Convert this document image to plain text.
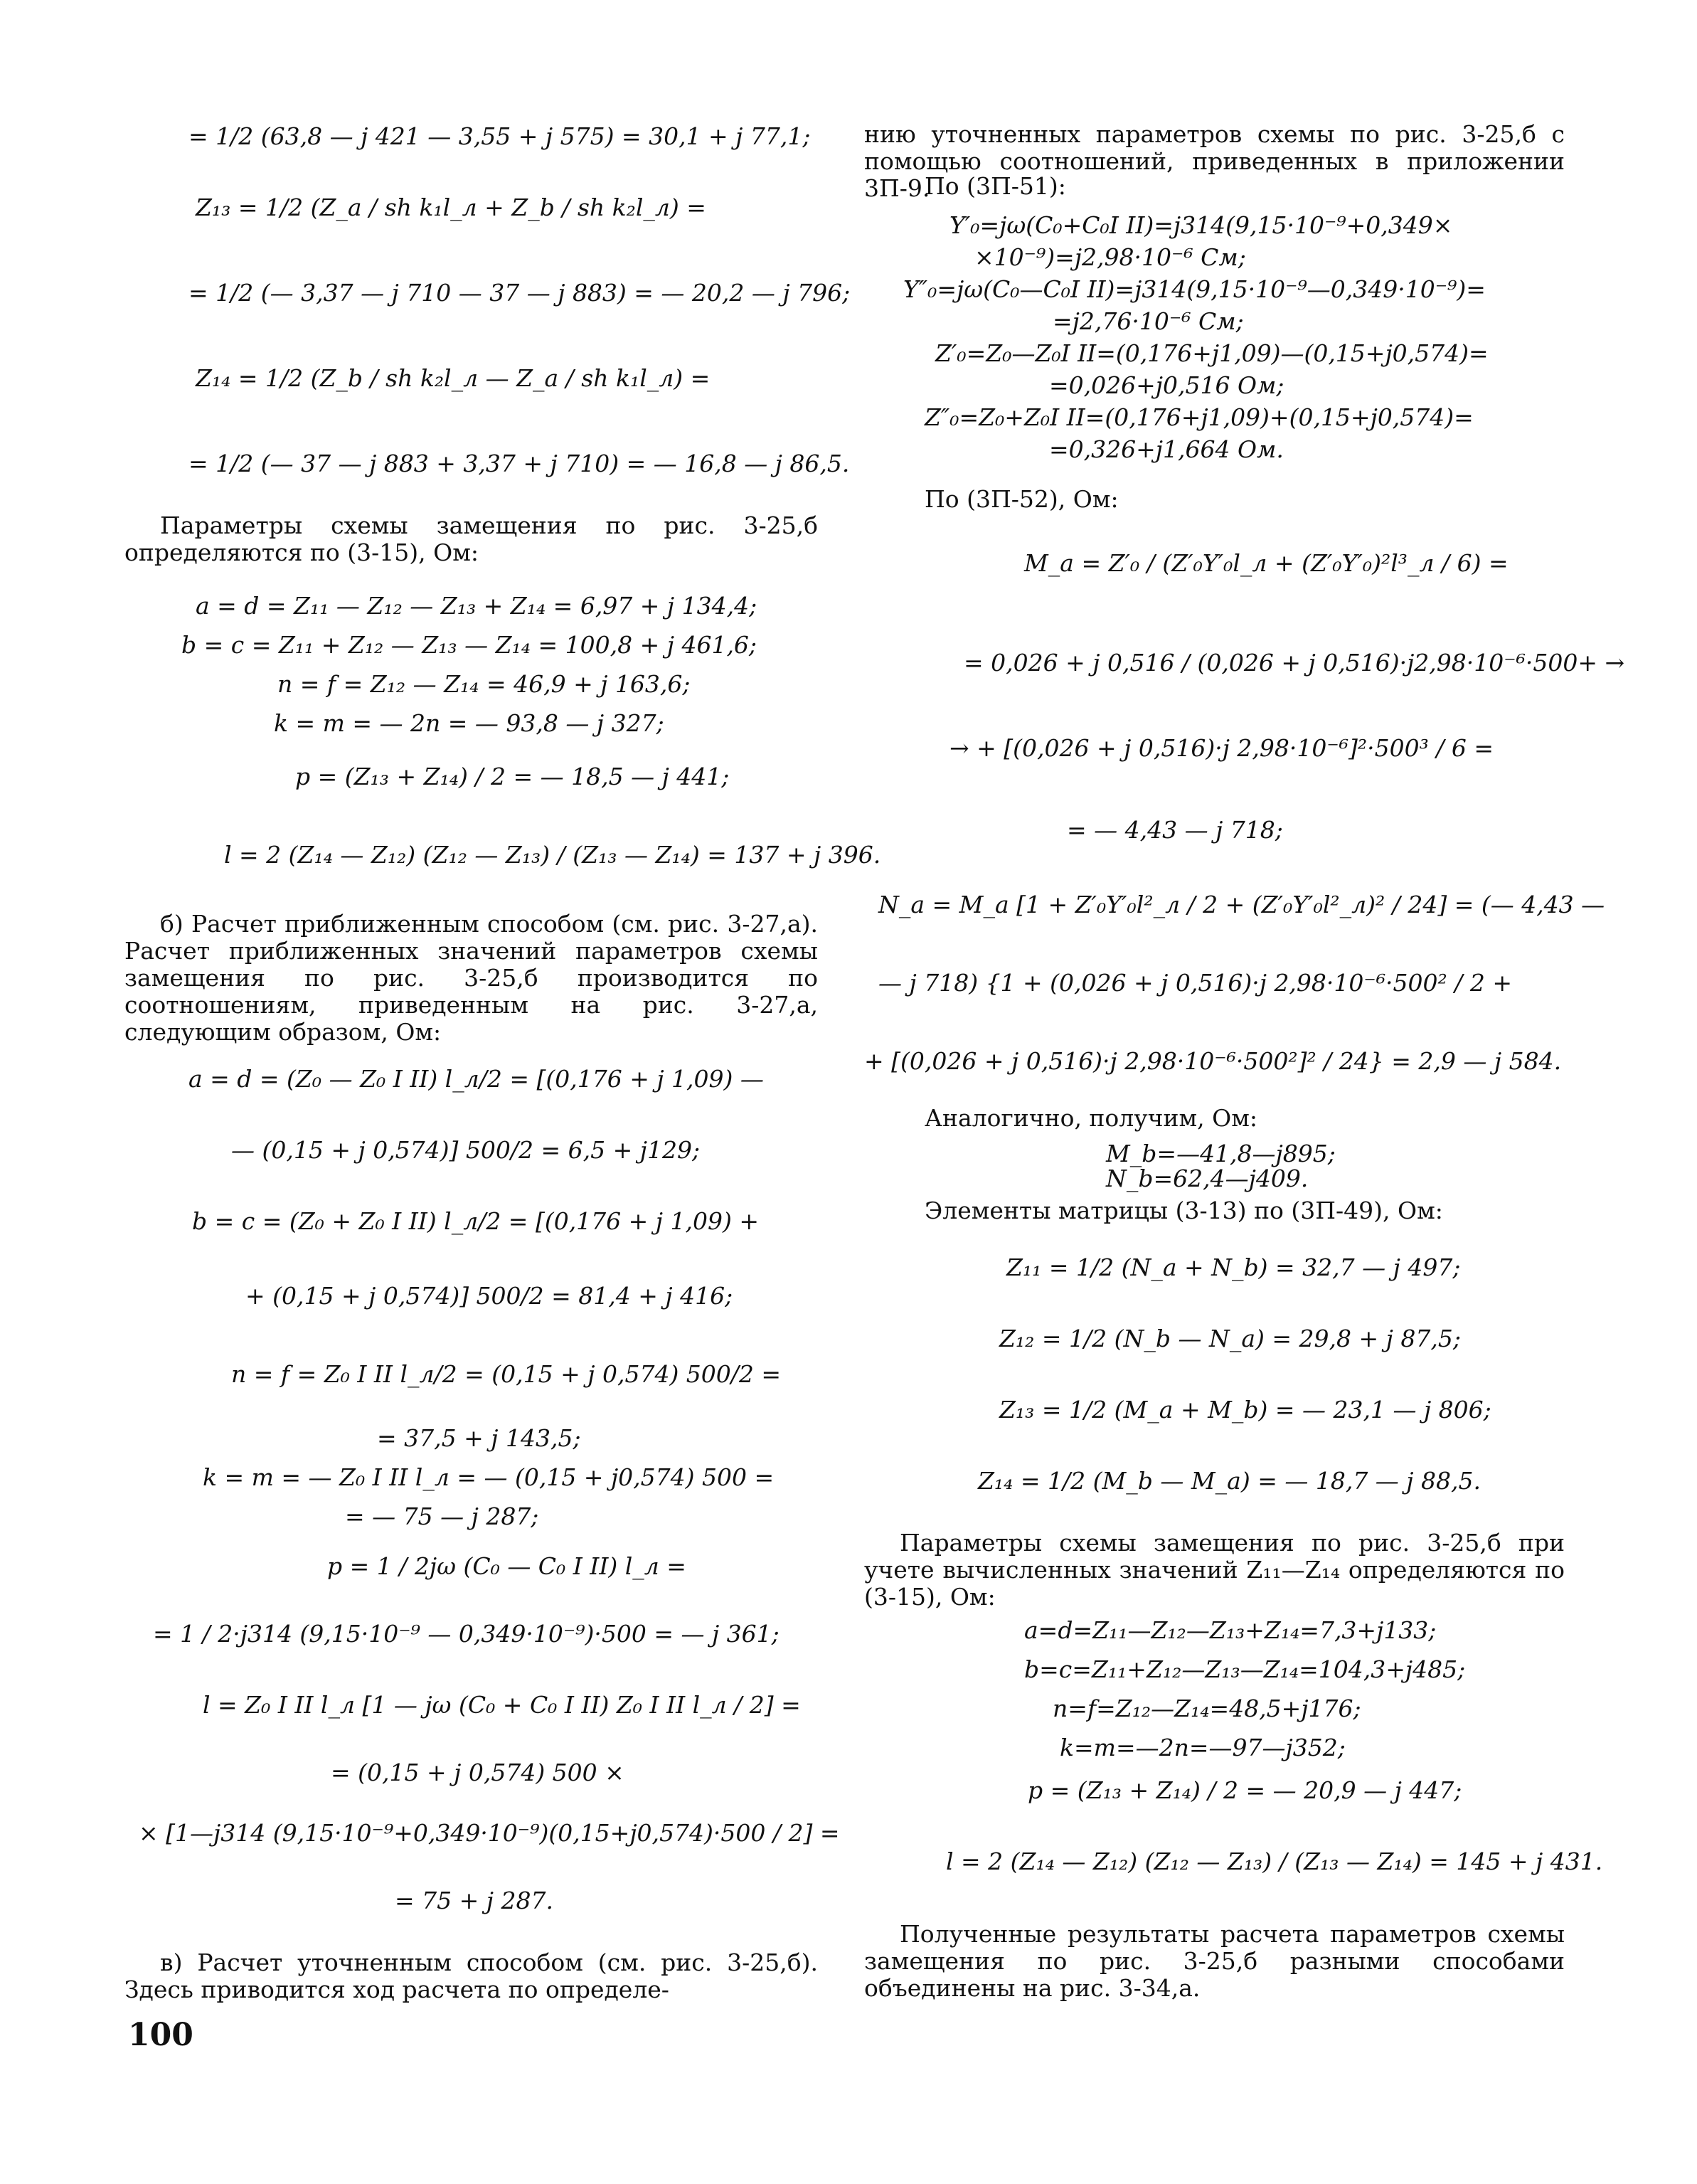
= 1/2 (63,8 — j 421 — 3,55 + j 575) = 30,1 + j 77,1;
Z₁₃ = 1/2 (Z_a / sh k₁l_л + Z_b / sh k₂l_л) =
= 1/2 (— 3,37 — j 710 — 37 — j 883) = — 20,2 — j 796;
Z₁₄ = 1/2 (Z_b / sh k₂l_л — Z_a / sh k₁l_л) =
= 1/2 (— 37 — j 883 + 3,37 + j 710) = — 16,8 — j 86,5.
Параметры схемы замещения по рис. 3-25,б определяются по (3-15), Ом:
a = d = Z₁₁ — Z₁₂ — Z₁₃ + Z₁₄ = 6,97 + j 134,4;
b = c = Z₁₁ + Z₁₂ — Z₁₃ — Z₁₄ = 100,8 + j 461,6;
n = f = Z₁₂ — Z₁₄ = 46,9 + j 163,6;
k = m = — 2n = — 93,8 — j 327;
p = (Z₁₃ + Z₁₄) / 2 = — 18,5 — j 441;
l = 2 (Z₁₄ — Z₁₂) (Z₁₂ — Z₁₃) / (Z₁₃ — Z₁₄) = 137 + j 396.
б) Расчет приближенным способом (см. рис. 3-27,а). Расчет приближенных значений параметров схемы замещения по рис. 3-25,б производится по соотношениям, приведенным на рис. 3-27,а, следующим образом, Ом:
a = d = (Z₀ — Z₀ I II) l_л/2 = [(0,176 + j 1,09) —
— (0,15 + j 0,574)] 500/2 = 6,5 + j129;
b = c = (Z₀ + Z₀ I II) l_л/2 = [(0,176 + j 1,09) +
+ (0,15 + j 0,574)] 500/2 = 81,4 + j 416;
n = f = Z₀ I II l_л/2 = (0,15 + j 0,574) 500/2 =
= 37,5 + j 143,5;
k = m = — Z₀ I II l_л = — (0,15 + j0,574) 500 =
= — 75 — j 287;
p = 1 / 2jω (C₀ — C₀ I II) l_л =
= 1 / 2·j314 (9,15·10⁻⁹ — 0,349·10⁻⁹)·500 = — j 361;
l = Z₀ I II l_л [1 — jω (C₀ + C₀ I II) Z₀ I II l_л / 2] =
= (0,15 + j 0,574) 500 ×
× [1—j314 (9,15·10⁻⁹+0,349·10⁻⁹)(0,15+j0,574)·500 / 2] =
= 75 + j 287.
в) Расчет уточненным способом (см. рис. 3-25,б). Здесь приводится ход расчета по определе-
нию уточненных параметров схемы по рис. 3-25,б с помощью соотношений, приведенных в приложении 3П-9.
По (3П-51):
Y′₀=jω(C₀+C₀I II)=j314(9,15·10⁻⁹+0,349×
×10⁻⁹)=j2,98·10⁻⁶ См;
Y″₀=jω(C₀—C₀I II)=j314(9,15·10⁻⁹—0,349·10⁻⁹)=
=j2,76·10⁻⁶ См;
Z′₀=Z₀—Z₀I II=(0,176+j1,09)—(0,15+j0,574)=
=0,026+j0,516 Ом;
Z″₀=Z₀+Z₀I II=(0,176+j1,09)+(0,15+j0,574)=
=0,326+j1,664 Ом.
По (3П-52), Ом:
M_a = Z′₀ / (Z′₀Y′₀l_л + (Z′₀Y′₀)²l³_л / 6) =
= 0,026 + j 0,516 / (0,026 + j 0,516)·j2,98·10⁻⁶·500+ →
→ + [(0,026 + j 0,516)·j 2,98·10⁻⁶]²·500³ / 6 =
= — 4,43 — j 718;
N_a = M_a [1 + Z′₀Y′₀l²_л / 2 + (Z′₀Y′₀l²_л)² / 24] = (— 4,43 —
— j 718) {1 + (0,026 + j 0,516)·j 2,98·10⁻⁶·500² / 2 +
+ [(0,026 + j 0,516)·j 2,98·10⁻⁶·500²]² / 24} = 2,9 — j 584.
Аналогично, получим, Ом:
M_b=—41,8—j895;
N_b=62,4—j409.
Элементы матрицы (3-13) по (3П-49), Ом:
Z₁₁ = 1/2 (N_a + N_b) = 32,7 — j 497;
Z₁₂ = 1/2 (N_b — N_a) = 29,8 + j 87,5;
Z₁₃ = 1/2 (M_a + M_b) = — 23,1 — j 806;
Z₁₄ = 1/2 (M_b — M_a) = — 18,7 — j 88,5.
Параметры схемы замещения по рис. 3-25,б при учете вычисленных значений Z₁₁—Z₁₄ определяются по (3-15), Ом:
a=d=Z₁₁—Z₁₂—Z₁₃+Z₁₄=7,3+j133;
b=c=Z₁₁+Z₁₂—Z₁₃—Z₁₄=104,3+j485;
n=f=Z₁₂—Z₁₄=48,5+j176;
k=m=—2n=—97—j352;
p = (Z₁₃ + Z₁₄) / 2 = — 20,9 — j 447;
l = 2 (Z₁₄ — Z₁₂) (Z₁₂ — Z₁₃) / (Z₁₃ — Z₁₄) = 145 + j 431.
Полученные результаты расчета параметров схемы замещения по рис. 3-25,б разными способами объединены на рис. 3-34,а.
100
